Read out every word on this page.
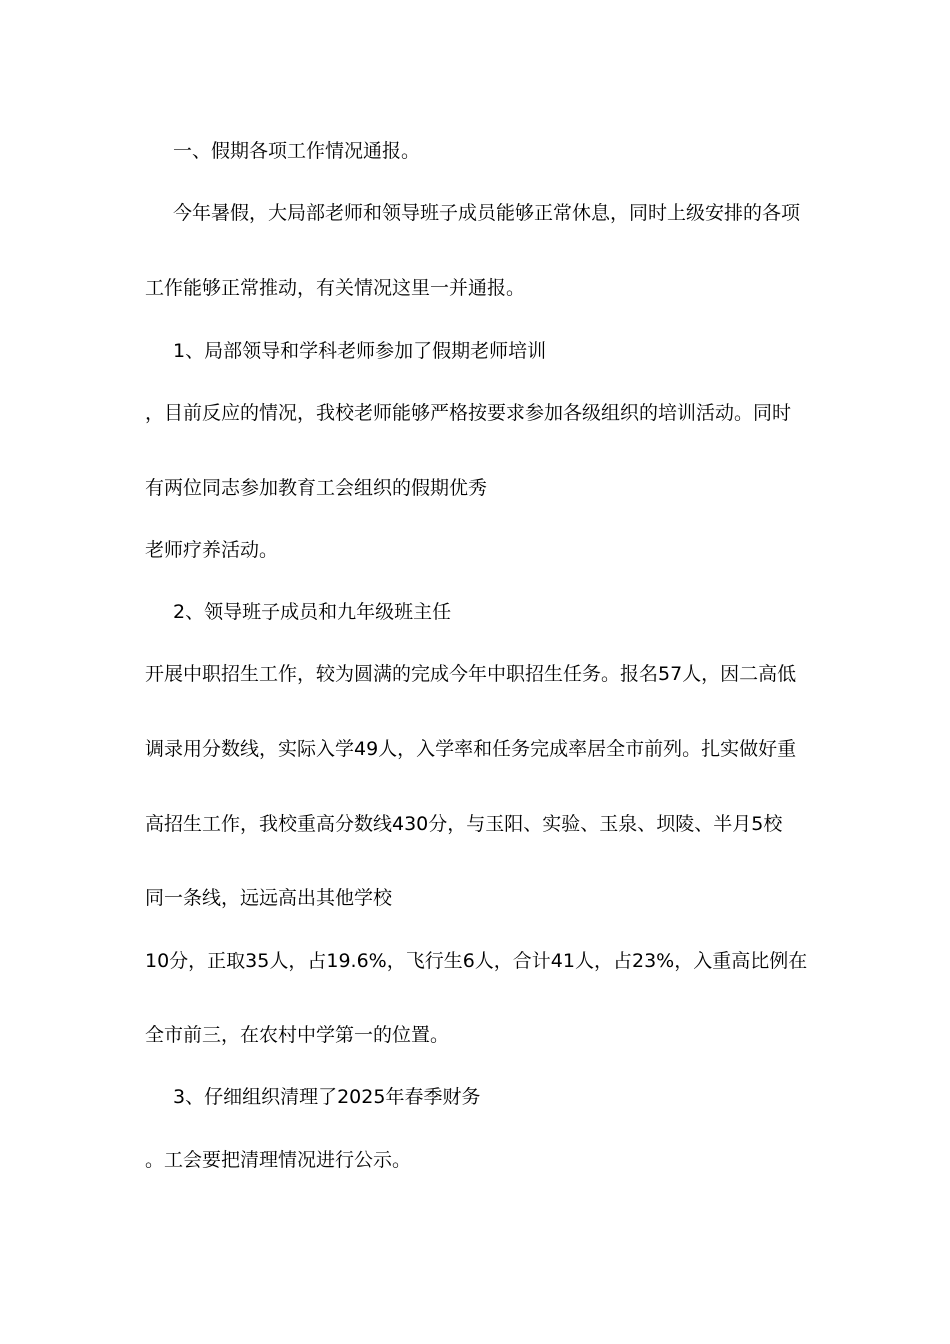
一、假期各项工作情况通报。
今年暑假，大局部老师和领导班子成员能够正常休息，同时上级安排的各项
工作能够正常推动，有关情况这里一并通报。
1、局部领导和学科老师参加了假期老师培训
，目前反应的情况，我校老师能够严格按要求参加各级组织的培训活动。同时
有两位同志参加教育工会组织的假期优秀
老师疗养活动。
2、领导班子成员和九年级班主任
开展中职招生工作，较为圆满的完成今年中职招生任务。报名57人，因二高低
调录用分数线，实际入学49人，入学率和任务完成率居全市前列。扎实做好重
高招生工作，我校重高分数线430分，与玉阳、实验、玉泉、坝陵、半月5校
同一条线，远远高出其他学校
10分，正取35人，占19.6%，飞行生6人，合计41人，占23%，入重高比例在
全市前三，在农村中学第一的位置。
3、仔细组织清理了2025年春季财务
。工会要把清理情况进行公示。
